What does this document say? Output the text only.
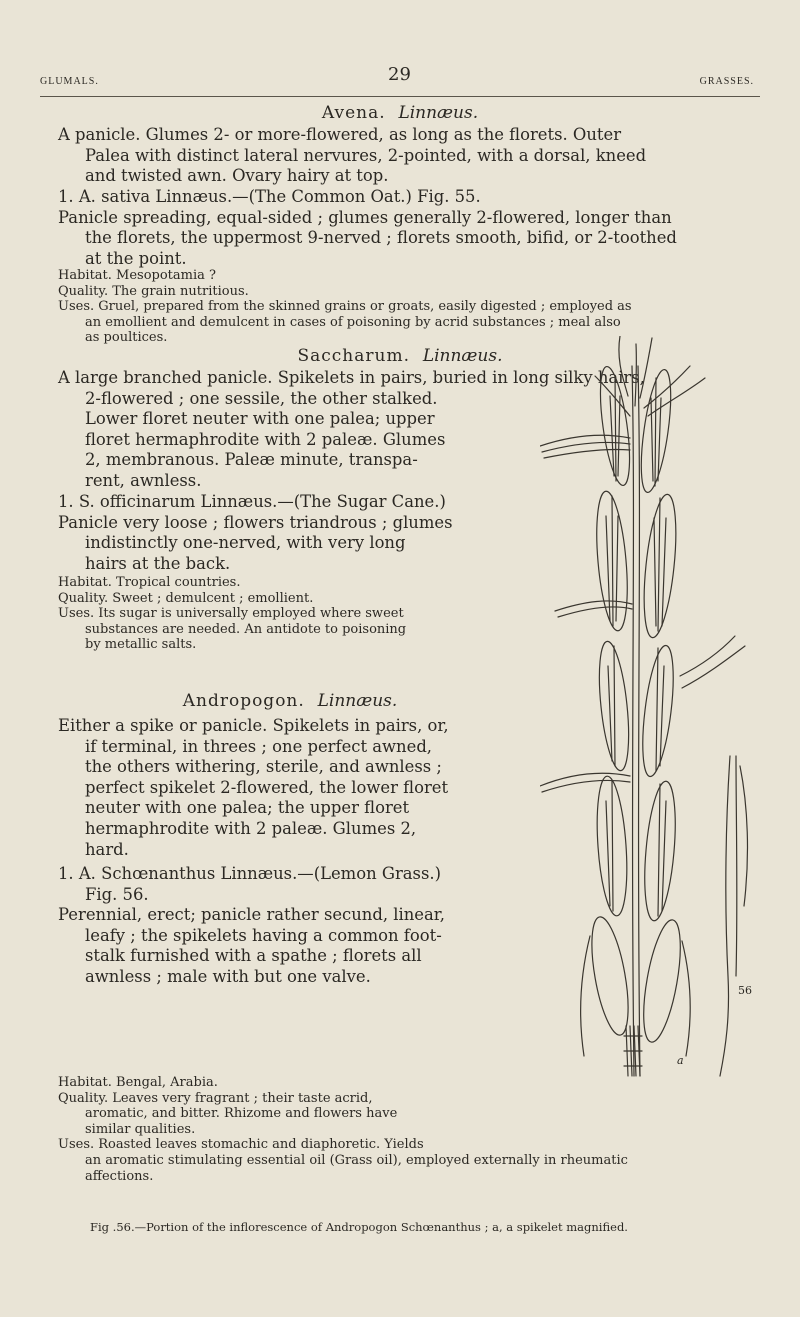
GLUMALS.	29	GRASSES.
Avena. Linnæus.
A panicle. Glumes 2- or more-flowered, as long as the florets. Outer
Palea with distinct lateral nervures, 2-pointed, with a dorsal, kneed
and twisted awn. Ovary hairy at top.
1. A. sativa Linnæus.—(The Common Oat.) Fig. 55.
Panicle spreading, equal-sided ; glumes generally 2-flowered, longer than
the florets, the uppermost 9-nerved ; florets smooth, bifid, or 2-toothed
at the point.
Habitat. Mesopotamia ?
Quality. The grain nutritious.
Uses. Gruel, prepared from the skinned grains or groats, easily digested ; employed as
an emollient and demulcent in cases of poisoning by acrid substances ; meal also
as poultices.
Saccharum. Linnæus.
A large branched panicle. Spikelets in pairs, buried in long silky hairs,
2-flowered ; one sessile, the other stalked.
Lower floret neuter with one palea; upper
floret hermaphrodite with 2 paleæ. Glumes
2, membranous. Paleæ minute, transpa-
rent, awnless.
1. S. officinarum Linnæus.—(The Sugar Cane.)
Panicle very loose ; flowers triandrous ; glumes
indistinctly one-nerved, with very long
hairs at the back.
Habitat. Tropical countries.
Quality. Sweet ; demulcent ; emollient.
Uses. Its sugar is universally employed where sweet
substances are needed. An antidote to poisoning
by metallic salts.
Andropogon. Linnæus.
Either a spike or panicle. Spikelets in pairs, or,
if terminal, in threes ; one perfect awned,
the others withering, sterile, and awnless ;
perfect spikelet 2-flowered, the lower floret
neuter with one palea; the upper floret
hermaphrodite with 2 paleæ. Glumes 2,
hard.
1. A. Schœnanthus Linnæus.—(Lemon Grass.)
Fig. 56.
Perennial, erect; panicle rather secund, linear,
leafy ; the spikelets having a common foot-
stalk furnished with a spathe ; florets all
awnless ; male with but one valve.
Habitat. Bengal, Arabia.
Quality. Leaves very fragrant ; their taste acrid,
aromatic, and bitter. Rhizome and flowers have
similar qualities.
Uses. Roasted leaves stomachic and diaphoretic. Yields
an aromatic stimulating essential oil (Grass oil), employed externally in rheumatic
affections.
56
a
Fig .56.—Portion of the inflorescence of Andropogon Schœnanthus ; a, a spikelet magnified.
